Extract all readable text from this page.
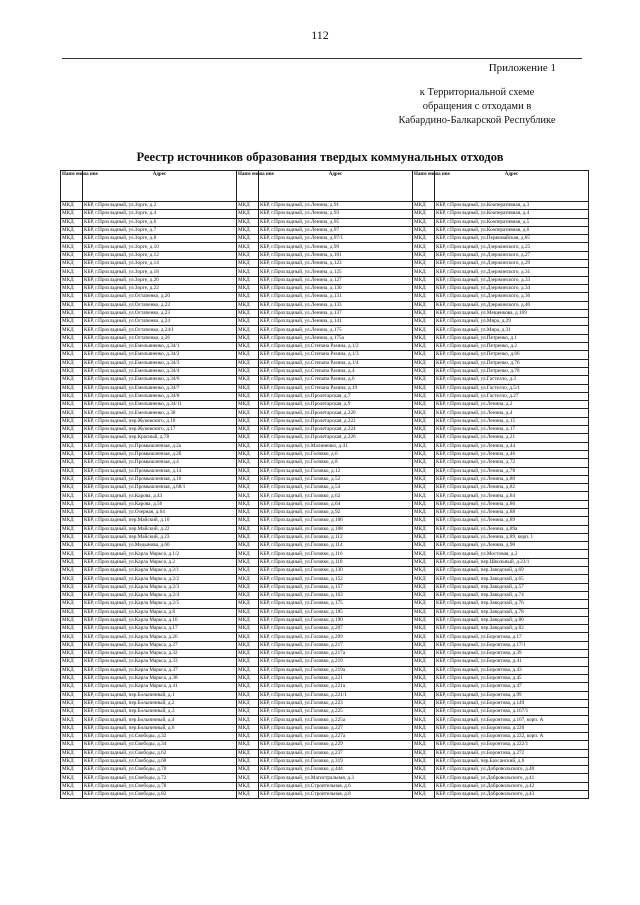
112
Приложение 1
к Территориальной схеме
обращения с отходами в
Кабардино-Балкарской Республике
Реестр источников образования твердых коммунальных отходов
Наим енова ние	Адрес	Наим енова ние	Адрес	Наим енова ние	Адрес
МКД	КБР, г.Прохладный, ул.Зорге, д.2	МКД	КБР, г.Прохладный, ул.Ленина, д.91	МКД	КБР, г.Прохладный, ул.Кооперативная, д.3
МКД	КБР, г.Прохладный, ул.Зорге, д.4	МКД	КБР, г.Прохладный, ул.Ленина, д.93	МКД	КБР, г.Прохладный, ул.Кооперативная, д.4
МКД	КБР, г.Прохладный, ул.Зорге, д.6	МКД	КБР, г.Прохладный, ул.Ленина, д.95	МКД	КБР, г.Прохладный, ул.Кооперативная, д.5
МКД	КБР, г.Прохладный, ул.Зорге, д.7	МКД	КБР, г.Прохладный, ул.Ленина, д.97	МКД	КБР, г.Прохладный, ул.Кооперативная, д.6
МКД	КБР, г.Прохладный, ул.Зорге, д.8	МКД	КБР, г.Прохладный, ул.Ленина, д.97/1	МКД	КБР, г.Прохладный, ул.Первомайская, д.65
МКД	КБР, г.Прохладный, ул.Зорге, д.10	МКД	КБР, г.Прохладный, ул.Ленина, д.99	МКД	КБР, г.Прохладный, ул.Дзержинского, д.25
МКД	КБР, г.Прохладный, ул.Зорге, д.12	МКД	КБР, г.Прохладный, ул.Ленина, д.101	МКД	КБР, г.Прохладный, ул.Дзержинского, д.27
МКД	КБР, г.Прохладный, ул.Зорге, д.14	МКД	КБР, г.Прохладный, ул.Ленина, д.123	МКД	КБР, г.Прохладный, ул.Дзержинского, д.29
МКД	КБР, г.Прохладный, ул.Зорге, д.18	МКД	КБР, г.Прохладный, ул.Ленина, д.125	МКД	КБР, г.Прохладный, ул.Дзержинского, д.31
МКД	КБР, г.Прохладный, ул.Зорге, д.20	МКД	КБР, г.Прохладный, ул.Ленина, д.127	МКД	КБР, г.Прохладный, ул.Дзержинского, д.33
МКД	КБР, г.Прохладный, ул.Зорге, д.22	МКД	КБР, г.Прохладный, ул.Ленина, д.130	МКД	КБР, г.Прохладный, ул.Дзержинского, д.34
МКД	КБР, г.Прохладный, ул.Остапенко, д.20	МКД	КБР, г.Прохладный, ул.Ленина, д.131	МКД	КБР, г.Прохладный, ул.Дзержинского, д.36
МКД	КБР, г.Прохладный, ул.Остапенко, д.22	МКД	КБР, г.Прохладный, ул.Ленина, д.133	МКД	КБР, г.Прохладный, ул.Дзержинского, д.40
МКД	КБР, г.Прохладный, ул.Остапенко, д.23	МКД	КБР, г.Прохладный, ул.Ленина, д.137	МКД	КБР, г.Прохладный, ул.Мещенкова, д.169
МКД	КБР, г.Прохладный, ул.Остапенко, д.24	МКД	КБР, г.Прохладный, ул.Ленина, д.141	МКД	КБР, г.Прохладный, ул.Мира, д.29
МКД	КБР, г.Прохладный, ул.Остапенко, д.24/1	МКД	КБР, г.Прохладный, ул.Ленина, д.175	МКД	КБР, г.Прохладный, ул.Мира, д.31
МКД	КБР, г.Прохладный, ул.Остапенко, д.26	МКД	КБР, г.Прохладный, ул.Ленина, д.175а	МКД	КБР, г.Прохладный, ул.Петренко, д.1
МКД	КБР, г.Прохладный, ул.Емельяненко, д.34/1	МКД	КБР, г.Прохладный, ул.Степана Разина, д.1/2	МКД	КБР, г.Прохладный, ул.Петренко, д.2
МКД	КБР, г.Прохладный, ул.Емельяненко, д.34/2	МКД	КБР, г.Прохладный, ул.Степана Разина, д.1/3	МКД	КБР, г.Прохладный, ул.Петренко, д.66
МКД	КБР, г.Прохладный, ул.Емельяненко, д.34/3	МКД	КБР, г.Прохладный, ул.Степана Разина, д.1/4	МКД	КБР, г.Прохладный, ул.Петренко, д.76
МКД	КБР, г.Прохладный, ул.Емельяненко, д.34/4	МКД	КБР, г.Прохладный, ул.Степана Разина, д.4	МКД	КБР, г.Прохладный, ул.Петренко, д.78
МКД	КБР, г.Прохладный, ул.Емельяненко, д.34/6	МКД	КБР, г.Прохладный, ул.Степана Разина, д.6	МКД	КБР, г.Прохладный, ул.Гастелло, д.3
МКД	КБР, г.Прохладный, ул.Емельяненко, д.34/7	МКД	КБР, г.Прохладный, ул.Степана Разина, д.19	МКД	КБР, г.Прохладный, ул.Гастелло, д.5/1
МКД	КБР, г.Прохладный, ул.Емельяненко, д.34/8	МКД	КБР, г.Прохладный, ул.Пролетарская, д.7	МКД	КБР, г.Прохладный, ул.Гастелло, д.27
МКД	КБР, г.Прохладный, ул.Емельяненко, д.34/11	МКД	КБР, г.Прохладный, ул.Пролетарская, д.9	МКД	КБР, г.Прохладный, ул.Ленина, д.2
МКД	КБР, г.Прохладный, ул.Емельяненко, д.38	МКД	КБР, г.Прохладный, ул.Пролетарская, д.220	МКД	КБР, г.Прохладный, ул.Ленина, д.4
МКД	КБР, г.Прохладный, пер.Жуковского, д.10	МКД	КБР, г.Прохладный, ул.Пролетарская, д.222	МКД	КБР, г.Прохладный, ул.Ленина, д.15
МКД	КБР, г.Прохладный, пер.Жуковского, д.17	МКД	КБР, г.Прохладный, ул.Пролетарская, д.224	МКД	КБР, г.Прохладный, ул.Ленина, д.17
МКД	КБР, г.Прохладный, пер.Красный, д.78	МКД	КБР, г.Прохладный, ул.Пролетарская, д.226	МКД	КБР, г.Прохладный, ул.Ленина, д.21
МКД	КБР, г.Прохладный, ул.Промышленная, д.2а	МКД	КБР, г.Прохладный, ул.Малиненко, д.41	МКД	КБР, г.Прохладный, ул.Ленина, д.44
МКД	КБР, г.Прохладный, ул.Промышленная, д.2б	МКД	КБР, г.Прохладный, ул.Головко, д.6	МКД	КБР, г.Прохладный, ул.Ленина, д.46
МКД	КБР, г.Прохладный, ул.Промышленная, д.4	МКД	КБР, г.Прохладный, ул.Головко, д.8	МКД	КБР, г.Прохладный, ул.Ленина, д.72
МКД	КБР, г.Прохладный, ул.Промышленная, д.14	МКД	КБР, г.Прохладный, ул.Головко, д.12	МКД	КБР, г.Прохладный, ул.Ленина, д.78
МКД	КБР, г.Прохладный, ул.Промышленная, д.16	МКД	КБР, г.Прохладный, ул.Головко, д.52	МКД	КБР, г.Прохладный, ул.Ленина, д.80
МКД	КБР, г.Прохладный, ул.Промышленная, д.68/1	МКД	КБР, г.Прохладный, ул.Головко, д.54	МКД	КБР, г.Прохладный, ул.Ленина, д.82
МКД	КБР, г.Прохладный, ул.Карова, д.43	МКД	КБР, г.Прохладный, ул.Головко, д.62	МКД	КБР, г.Прохладный, ул.Ленина, д.84
МКД	КБР, г.Прохладный, ул.Карова, д.56	МКД	КБР, г.Прохладный, ул.Головко, д.64	МКД	КБР, г.Прохладный, ул.Ленина, д.86
МКД	КБР, г.Прохладный, ул.Озерная, д.64	МКД	КБР, г.Прохладный, ул.Головко, д.92	МКД	КБР, г.Прохладный, ул.Ленина, д.88
МКД	КБР, г.Прохладный, пер.Майский, д.10	МКД	КБР, г.Прохладный, ул.Головко, д.106	МКД	КБР, г.Прохладный, ул.Ленина, д.89
МКД	КБР, г.Прохладный, пер.Майский, д.22	МКД	КБР, г.Прохладный, ул.Головко, д.108	МКД	КБР, г.Прохладный, ул.Ленина, д.89а
МКД	КБР, г.Прохладный, пер.Майский, д.23	МКД	КБР, г.Прохладный, ул.Головко, д.112	МКД	КБР, г.Прохладный, ул.Ленина, д.89, корп. 1
МКД	КБР, г.Прохладный, ул.Медынова, д.60	МКД	КБР, г.Прохладный, ул.Головко, д.114	МКД	КБР, г.Прохладный, ул.Ленина, д.90
МКД	КБР, г.Прохладный, ул.Карла Маркса, д.1/2	МКД	КБР, г.Прохладный, ул.Головко, д.116	МКД	КБР, г.Прохладный, ул.Мостовая, д.2
МКД	КБР, г.Прохладный, ул.Карла Маркса, д.2	МКД	КБР, г.Прохладный, ул.Головко, д.118	МКД	КБР, г.Прохладный, пер.Школьный, д.23/1
МКД	КБР, г.Прохладный, ул.Карла Маркса, д.2/1	МКД	КБР, г.Прохладный, ул.Головко, д.130	МКД	КБР, г.Прохладный, пер.Заводской, д.69
МКД	КБР, г.Прохладный, ул.Карла Маркса, д.2/2	МКД	КБР, г.Прохладный, ул.Головко, д.152	МКД	КБР, г.Прохладный, пер.Заводской, д.65
МКД	КБР, г.Прохладный, ул.Карла Маркса, д.2/3	МКД	КБР, г.Прохладный, ул.Головко, д.157	МКД	КБР, г.Прохладный, пер.Заводской, д.57
МКД	КБР, г.Прохладный, ул.Карла Маркса, д.2/4	МКД	КБР, г.Прохладный, ул.Головко, д.163	МКД	КБР, г.Прохладный, пер.Заводской, д.74
МКД	КБР, г.Прохладный, ул.Карла Маркса, д.2/5	МКД	КБР, г.Прохладный, ул.Головко, д.175	МКД	КБР, г.Прохладный, пер.Заводской, д.76
МКД	КБР, г.Прохладный, ул.Карла Маркса, д.8	МКД	КБР, г.Прохладный, ул.Головко, д.185	МКД	КБР, г.Прохладный, пер.Заводской, д.78
МКД	КБР, г.Прохладный, ул.Карла Маркса, д.16	МКД	КБР, г.Прохладный, ул.Головко, д.190	МКД	КБР, г.Прохладный, пер.Заводской, д.80
МКД	КБР, г.Прохладный, ул.Карла Маркса, д.17	МКД	КБР, г.Прохладный, ул.Головко, д.207	МКД	КБР, г.Прохладный, пер.Заводской, д.82
МКД	КБР, г.Прохладный, ул.Карла Маркса, д.26	МКД	КБР, г.Прохладный, ул.Головко, д.209	МКД	КБР, г.Прохладный, ул.Боронтова, д.17
МКД	КБР, г.Прохладный, ул.Карла Маркса, д.27	МКД	КБР, г.Прохладный, ул.Головко, д.217	МКД	КБР, г.Прохладный, ул.Боронтова, д.17/1
МКД	КБР, г.Прохладный, ул.Карла Маркса, д.32	МКД	КБР, г.Прохладный, ул.Головко, д.217а	МКД	КБР, г.Прохладный, ул.Боронтова, д.39
МКД	КБР, г.Прохладный, ул.Карла Маркса, д.33	МКД	КБР, г.Прохладный, ул.Головко, д.219	МКД	КБР, г.Прохладный, ул.Боронтова, д.41
МКД	КБР, г.Прохладный, ул.Карла Маркса, д.37	МКД	КБР, г.Прохладный, ул.Головко, д.219а	МКД	КБР, г.Прохладный, ул.Боронтова, д.43
МКД	КБР, г.Прохладный, ул.Карла Маркса, д.38	МКД	КБР, г.Прохладный, ул.Головко, д.221	МКД	КБР, г.Прохладный, ул.Боронтова, д.45
МКД	КБР, г.Прохладный, ул.Карла Маркса, д.41	МКД	КБР, г.Прохладный, ул.Головко, д.221а	МКД	КБР, г.Прохладный, ул.Боронтова, д.47
МКД	КБР, г.Прохладный, пер.Больничный, д.1	МКД	КБР, г.Прохладный, ул.Головко, д.221/1	МКД	КБР, г.Прохладный, ул.Боронтова, д.99
МКД	КБР, г.Прохладный, пер.Больничный, д.2	МКД	КБР, г.Прохладный, ул.Головко, д.223	МКД	КБР, г.Прохладный, ул.Боронтова, д.149
МКД	КБР, г.Прохладный, пер.Больничный, д.3	МКД	КБР, г.Прохладный, ул.Головко, д.225	МКД	КБР, г.Прохладный, ул.Боронтова, д.167/1
МКД	КБР, г.Прохладный, пер.Больничный, д.4	МКД	КБР, г.Прохладный, ул.Головко, д.225а	МКД	КБР, г.Прохладный, ул.Боронтова, д.167, корп. А
МКД	КБР, г.Прохладный, пер.Больничный, д.6	МКД	КБР, г.Прохладный, ул.Головко, д.227	МКД	КБР, г.Прохладный, ул.Боронтова, д.220
МКД	КБР, г.Прохладный, ул.Свободы, д.32	МКД	КБР, г.Прохладный, ул.Головко, д.227а	МКД	КБР, г.Прохладный, ул.Боронтова, д.222, корп. А
МКД	КБР, г.Прохладный, ул.Свободы, д.34	МКД	КБР, г.Прохладный, ул.Головко, д.229	МКД	КБР, г.Прохладный, ул.Боронтова, д.222/1
МКД	КБР, г.Прохладный, ул.Свободы, д.62	МКД	КБР, г.Прохладный, ул.Головко, д.237	МКД	КБР, г.Прохладный, ул.Боронтова, д.272
МКД	КБР, г.Прохладный, ул.Свободы, д.68	МКД	КБР, г.Прохладный, ул.Головко, д.319	МКД	КБР, г.Прохладный, пер.Бахсанский, д.6
МКД	КБР, г.Прохладный, ул.Свободы, д.70	МКД	КБР, г.Прохладный, ул.Головко, д.444	МКД	КБР, г.Прохладный, ул.Добровольского, д.40
МКД	КБР, г.Прохладный, ул.Свободы, д.72	МКД	КБР, г.Прохладный, ул.Магистральная, д.3	МКД	КБР, г.Прохладный, ул.Добровольского, д.41
МКД	КБР, г.Прохладный, ул.Свободы, д.78	МКД	КБР, г.Прохладный, ул.Строительная, д.6	МКД	КБР, г.Прохладный, ул.Добровольского, д.42
МКД	КБР, г.Прохладный, ул.Свободы, д.82	МКД	КБР, г.Прохладный, ул.Строительная, д.8	МКД	КБР, г.Прохладный, ул.Добровольского, д.43
